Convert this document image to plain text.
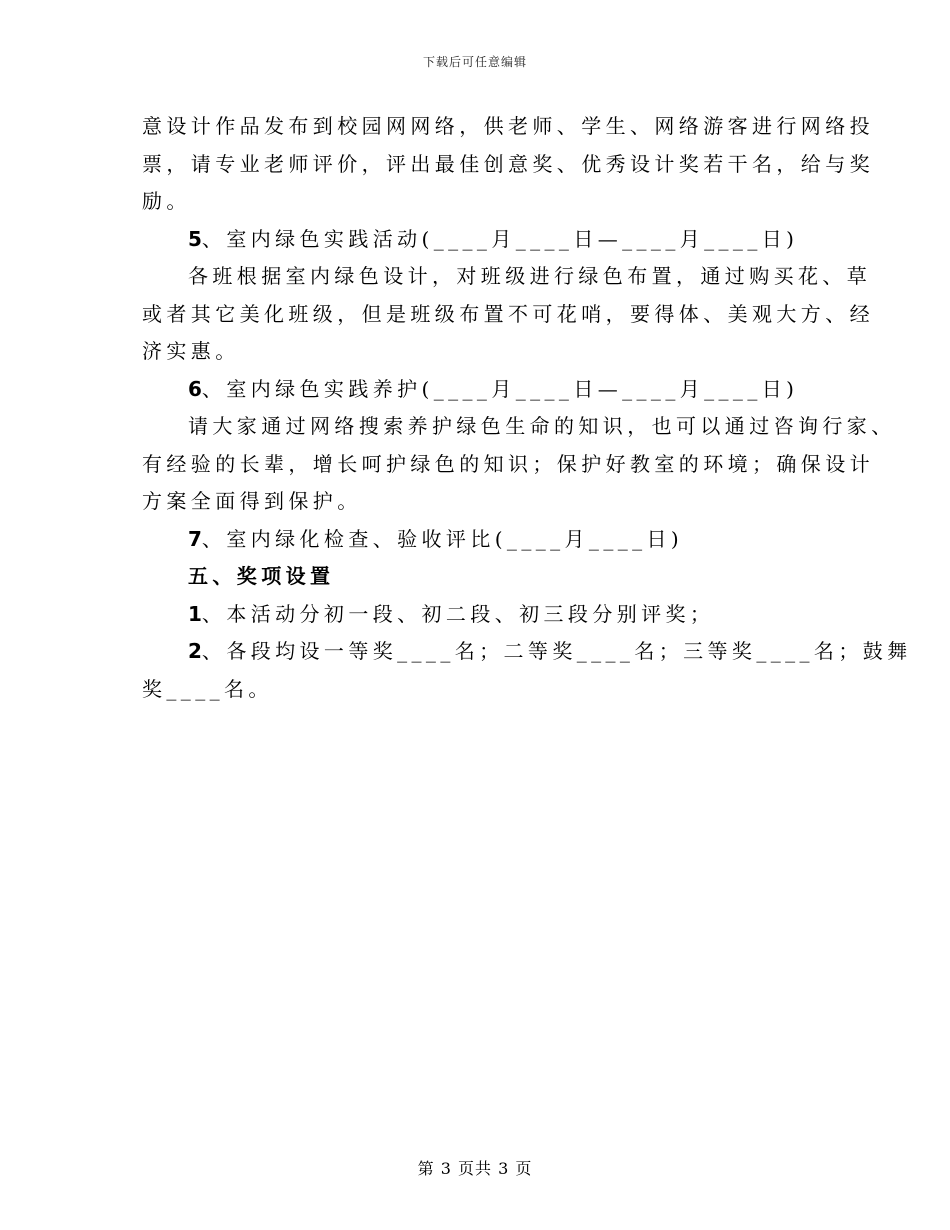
下载后可任意编辑
意设计作品发布到校园网网络，供老师、学生、网络游客进行网络投
票，请专业老师评价，评出最佳创意奖、优秀设计奖若干名，给与奖
励。
5、室内绿色实践活动(____月____日—____月____日)
各班根据室内绿色设计，对班级进行绿色布置，通过购买花、草
或者其它美化班级，但是班级布置不可花哨，要得体、美观大方、经
济实惠。
6、室内绿色实践养护(____月____日—____月____日)
请大家通过网络搜索养护绿色生命的知识，也可以通过咨询行家、
有经验的长辈，增长呵护绿色的知识；保护好教室的环境；确保设计
方案全面得到保护。
7、室内绿化检查、验收评比(____月____日)
五、奖项设置
1、本活动分初一段、初二段、初三段分别评奖；
2、各段均设一等奖____名；二等奖____名；三等奖____名；鼓舞
奖____名。
第 3 页共 3 页
